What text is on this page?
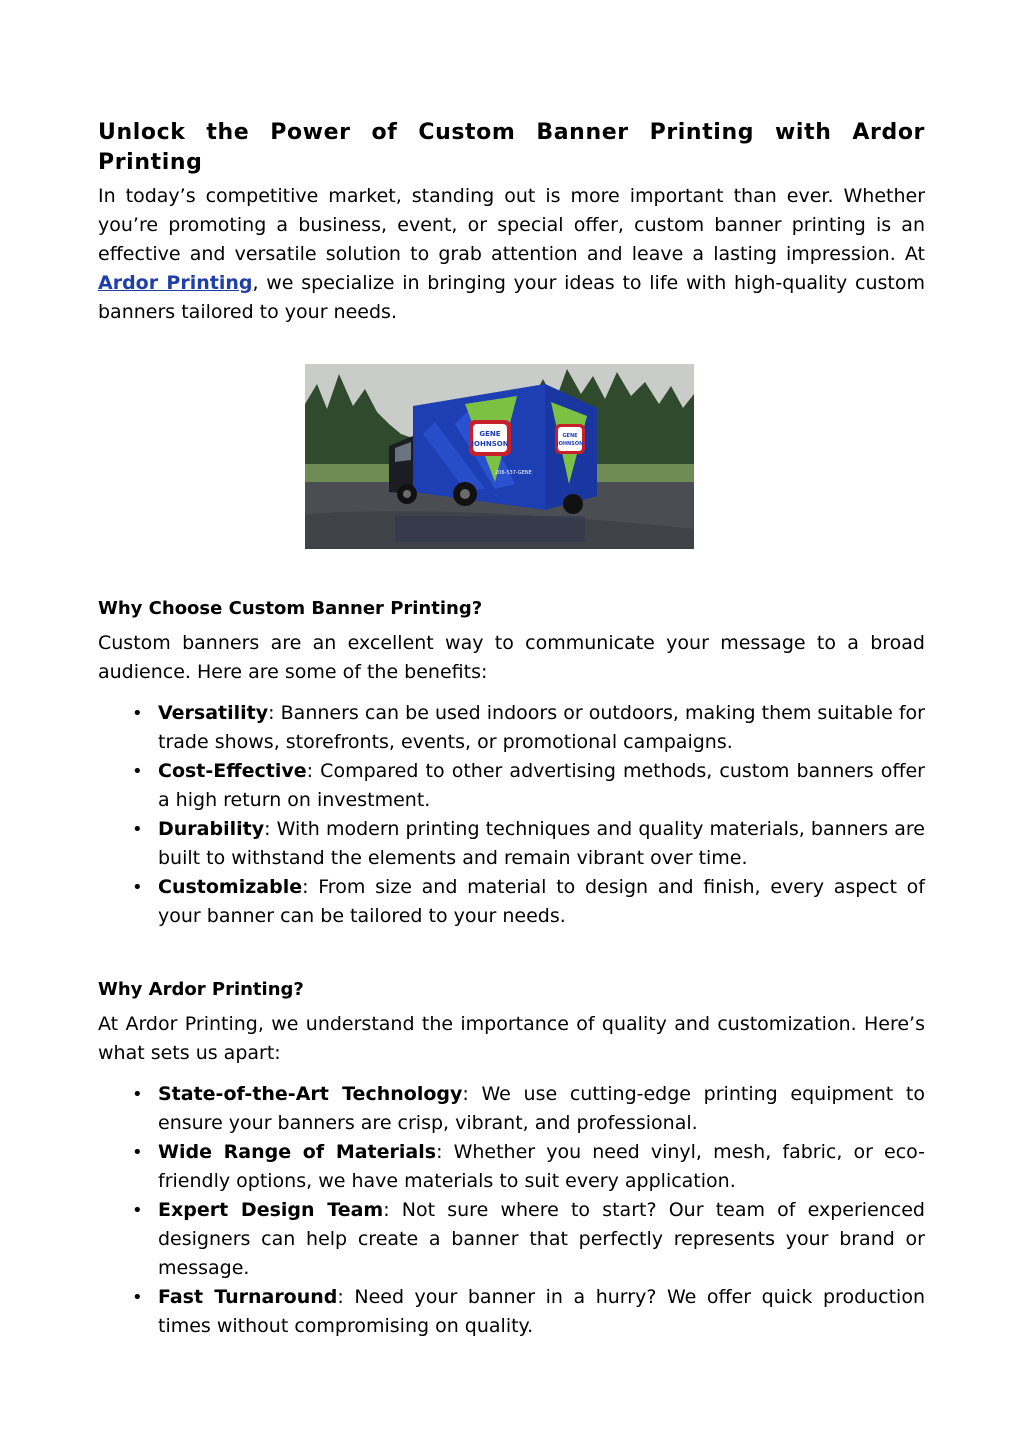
Unlock the Power of Custom Banner Printing with Ardor Printing

In today’s competitive market, standing out is more important than ever. Whether you’re promoting a business, event, or special offer, custom banner printing is an effective and versatile solution to grab attention and leave a lasting impression. At Ardor Printing, we specialize in bringing your ideas to life with high-quality custom banners tailored to your needs.

GENE
JOHNSON
GENE
JOHNSON
206-537-GENE
Why Choose Custom Banner Printing?

Custom banners are an excellent way to communicate your message to a broad audience. Here are some of the benefits:

• Versatility: Banners can be used indoors or outdoors, making them suitable for trade shows, storefronts, events, or promotional campaigns.
• Cost-Effective: Compared to other advertising methods, custom banners offer a high return on investment.
• Durability: With modern printing techniques and quality materials, banners are built to withstand the elements and remain vibrant over time.
• Customizable: From size and material to design and finish, every aspect of your banner can be tailored to your needs.
Why Ardor Printing?

At Ardor Printing, we understand the importance of quality and customization. Here’s what sets us apart:

• State-of-the-Art Technology: We use cutting-edge printing equipment to ensure your banners are crisp, vibrant, and professional.
• Wide Range of Materials: Whether you need vinyl, mesh, fabric, or eco-friendly options, we have materials to suit every application.
• Expert Design Team: Not sure where to start? Our team of experienced designers can help create a banner that perfectly represents your brand or message.
• Fast Turnaround: Need your banner in a hurry? We offer quick production times without compromising on quality.
